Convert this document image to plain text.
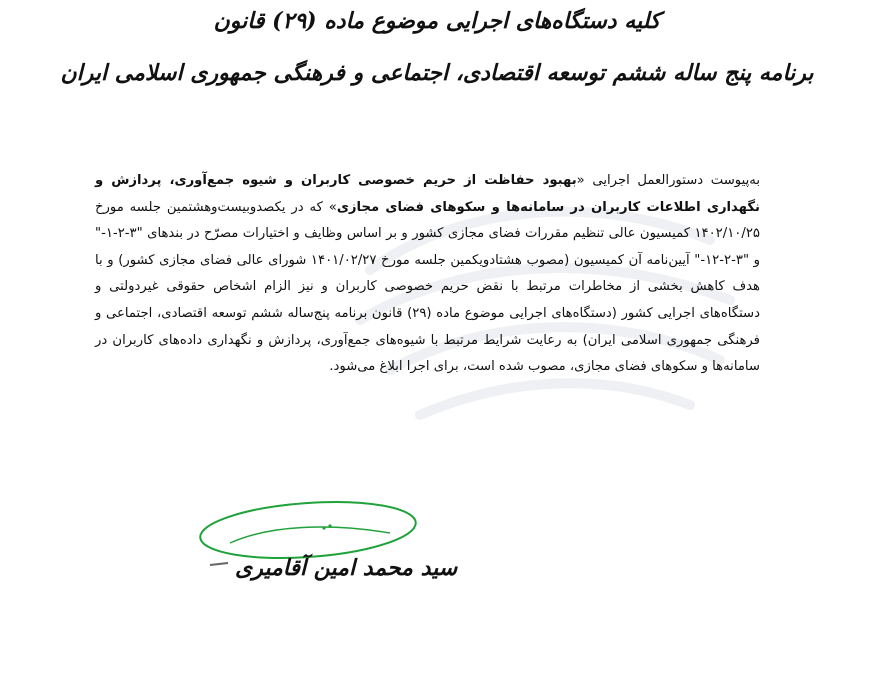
کلیه دستگاه‌های اجرایی موضوع ماده (۲۹) قانون
برنامه پنج ساله ششم توسعه اقتصادی، اجتماعی و فرهنگی جمهوری اسلامی ایران
به‌پیوست دستورالعمل اجرایی «بهبود حفاظت از حریم خصوصی کاربران و شیوه جمع‌آوری، پردازش و نگهداری اطلاعات کاربران در سامانه‌ها و سکوهای فضای مجازی» که در یکصدوبیست‌وهشتمین جلسه مورخ ۱۴۰۲/۱۰/۲۵ کمیسیون عالی تنظیم مقررات فضای مجازی کشور و بر اساس وظایف و اختیارات مصرّح در بندهای "۳-۲-۱-" و "۳-۲-۱۲-" آیین‌نامه آن کمیسیون (مصوب هشتادویکمین جلسه مورخ ۱۴۰۱/۰۲/۲۷ شورای عالی فضای مجازی کشور) و با هدف کاهش بخشی از مخاطرات مرتبط با نقض حریم خصوصی کاربران و نیز الزام اشخاص حقوقی غیردولتی و دستگاه‌های اجرایی کشور (دستگاه‌های اجرایی موضوع ماده (۲۹) قانون برنامه پنج‌ساله ششم توسعه اقتصادی، اجتماعی و فرهنگی جمهوری اسلامی ایران) به رعایت شرایط مرتبط با شیوه‌های جمع‌آوری، پردازش و نگهداری داده‌های کاربران در سامانه‌ها و سکوهای فضای مجازی، مصوب شده است، برای اجرا ابلاغ می‌شود.
سید محمد امین آقامیری
